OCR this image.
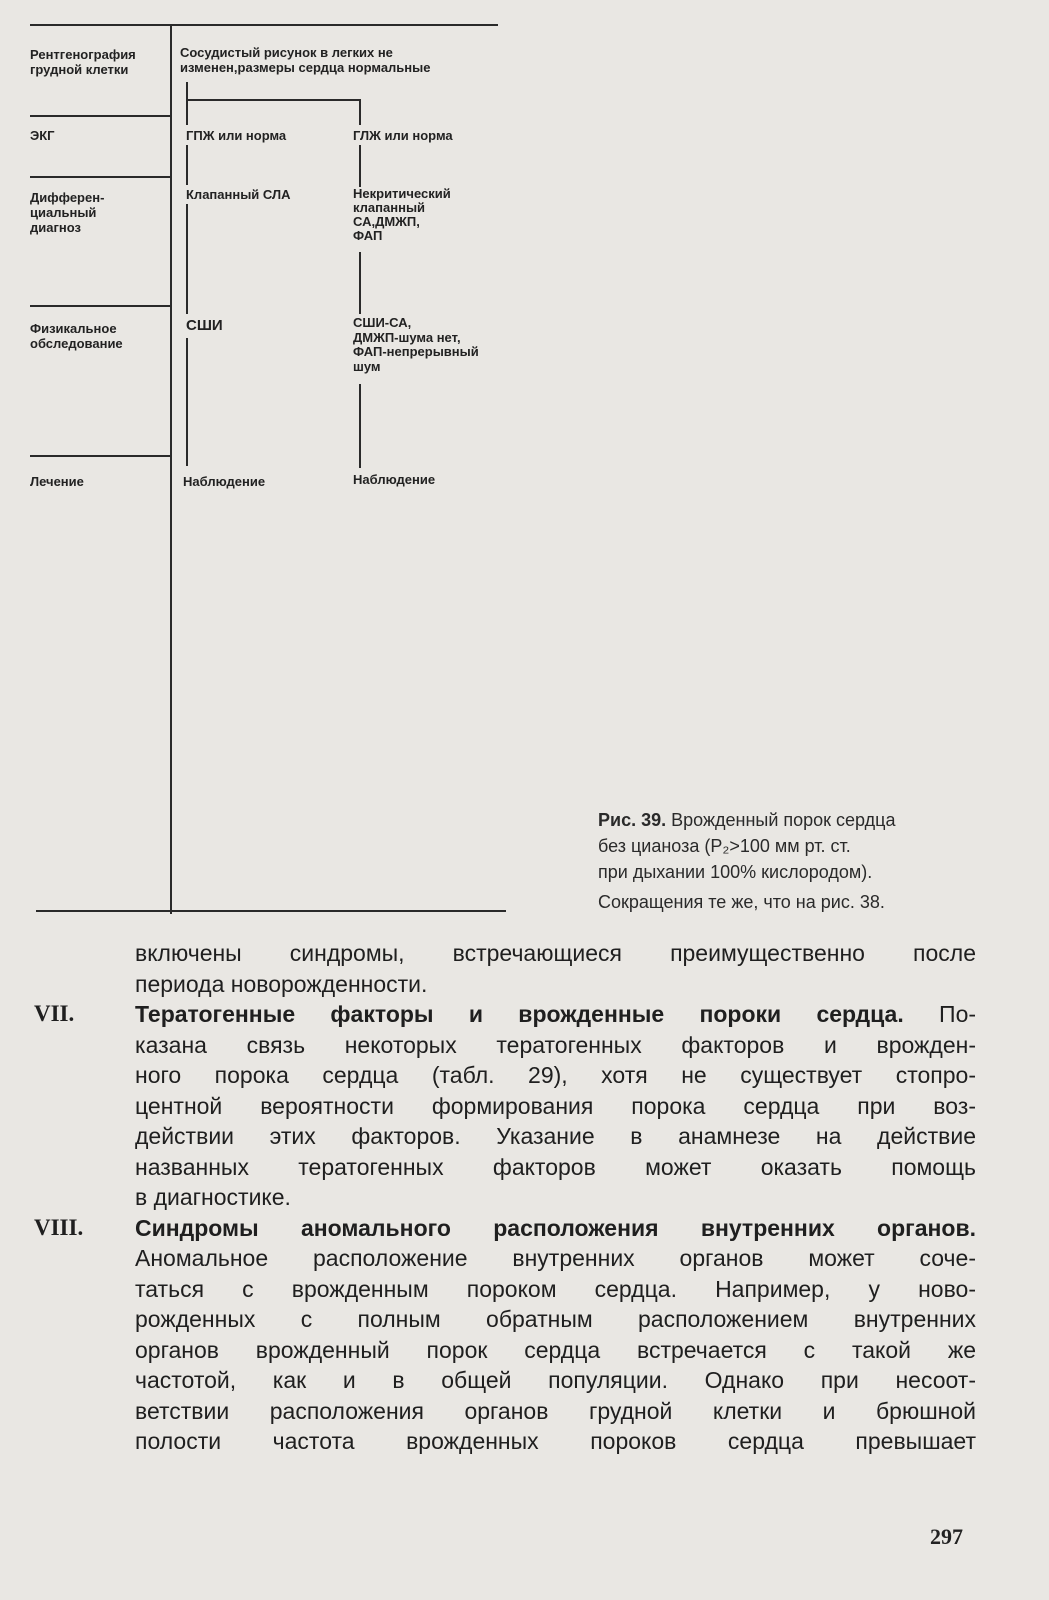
Рентгенография
грудной клетки
ЭКГ
Дифферен-
циальный
диагноз
Физикальное
обследование
Лечение
Сосудистый рисунок в легких не
изменен,размеры сердца нормальные
ГПЖ или норма
Клапанный СЛА
СШИ
Наблюдение
ГЛЖ или норма
Некритический
клапанный
СА,ДМЖП,
ФАП
СШИ-СА,
ДМЖП-шума нет,
ФАП-непрерывный
шум
Наблюдение
Рис. 39. Врожденный порок сердца
без цианоза (P₂>100 мм рт. ст.
при дыхании 100% кислородом).
Сокращения те же, что на рис. 38.
включены синдромы, встречающиеся преимущественно после
периода новорожденности.
VII.	Тератогенные факторы и врожденные пороки сердца. По-
казана связь некоторых тератогенных факторов и врожден-
ного порока сердца (табл. 29), хотя не существует стопро-
центной вероятности формирования порока сердца при воз-
действии этих факторов. Указание в анамнезе на действие
названных тератогенных факторов может оказать помощь
в диагностике.
VIII. Синдромы аномального расположения внутренних органов.
Аномальное расположение внутренних органов может соче-
таться с врожденным пороком сердца. Например, у ново-
рожденных с полным обратным расположением внутренних
органов врожденный порок сердца встречается с такой же
частотой, как и в общей популяции. Однако при несоот-
ветствии расположения органов грудной клетки и брюшной
полости частота врожденных пороков сердца превышает
297
